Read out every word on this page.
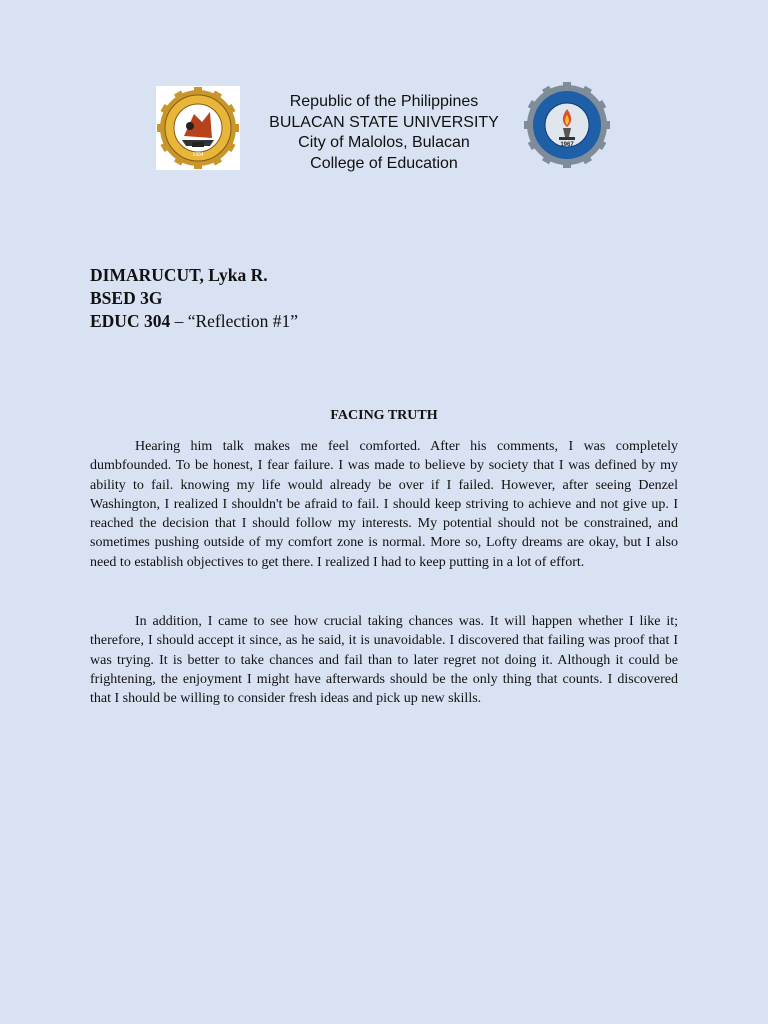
1904
Republic of the Philippines
BULACAN STATE UNIVERSITY
City of Malolos, Bulacan
College of Education
1967
DIMARUCUT, Lyka R.
BSED 3G
EDUC 304 – “Reflection #1”
FACING TRUTH

Hearing him talk makes me feel comforted. After his comments, I was completely dumbfounded. To be honest, I fear failure. I was made to believe by society that I was defined by my ability to fail. knowing my life would already be over if I failed. However, after seeing Denzel Washington, I realized I shouldn't be afraid to fail. I should keep striving to achieve and not give up. I reached the decision that I should follow my interests. My potential should not be constrained, and sometimes pushing outside of my comfort zone is normal. More so, Lofty dreams are okay, but I also need to establish objectives to get there. I realized I had to keep putting in a lot of effort.

In addition, I came to see how crucial taking chances was. It will happen whether I like it; therefore, I should accept it since, as he said, it is unavoidable. I discovered that failing was proof that I was trying. It is better to take chances and fail than to later regret not doing it. Although it could be frightening, the enjoyment I might have afterwards should be the only thing that counts. I discovered that I should be willing to consider fresh ideas and pick up new skills.
